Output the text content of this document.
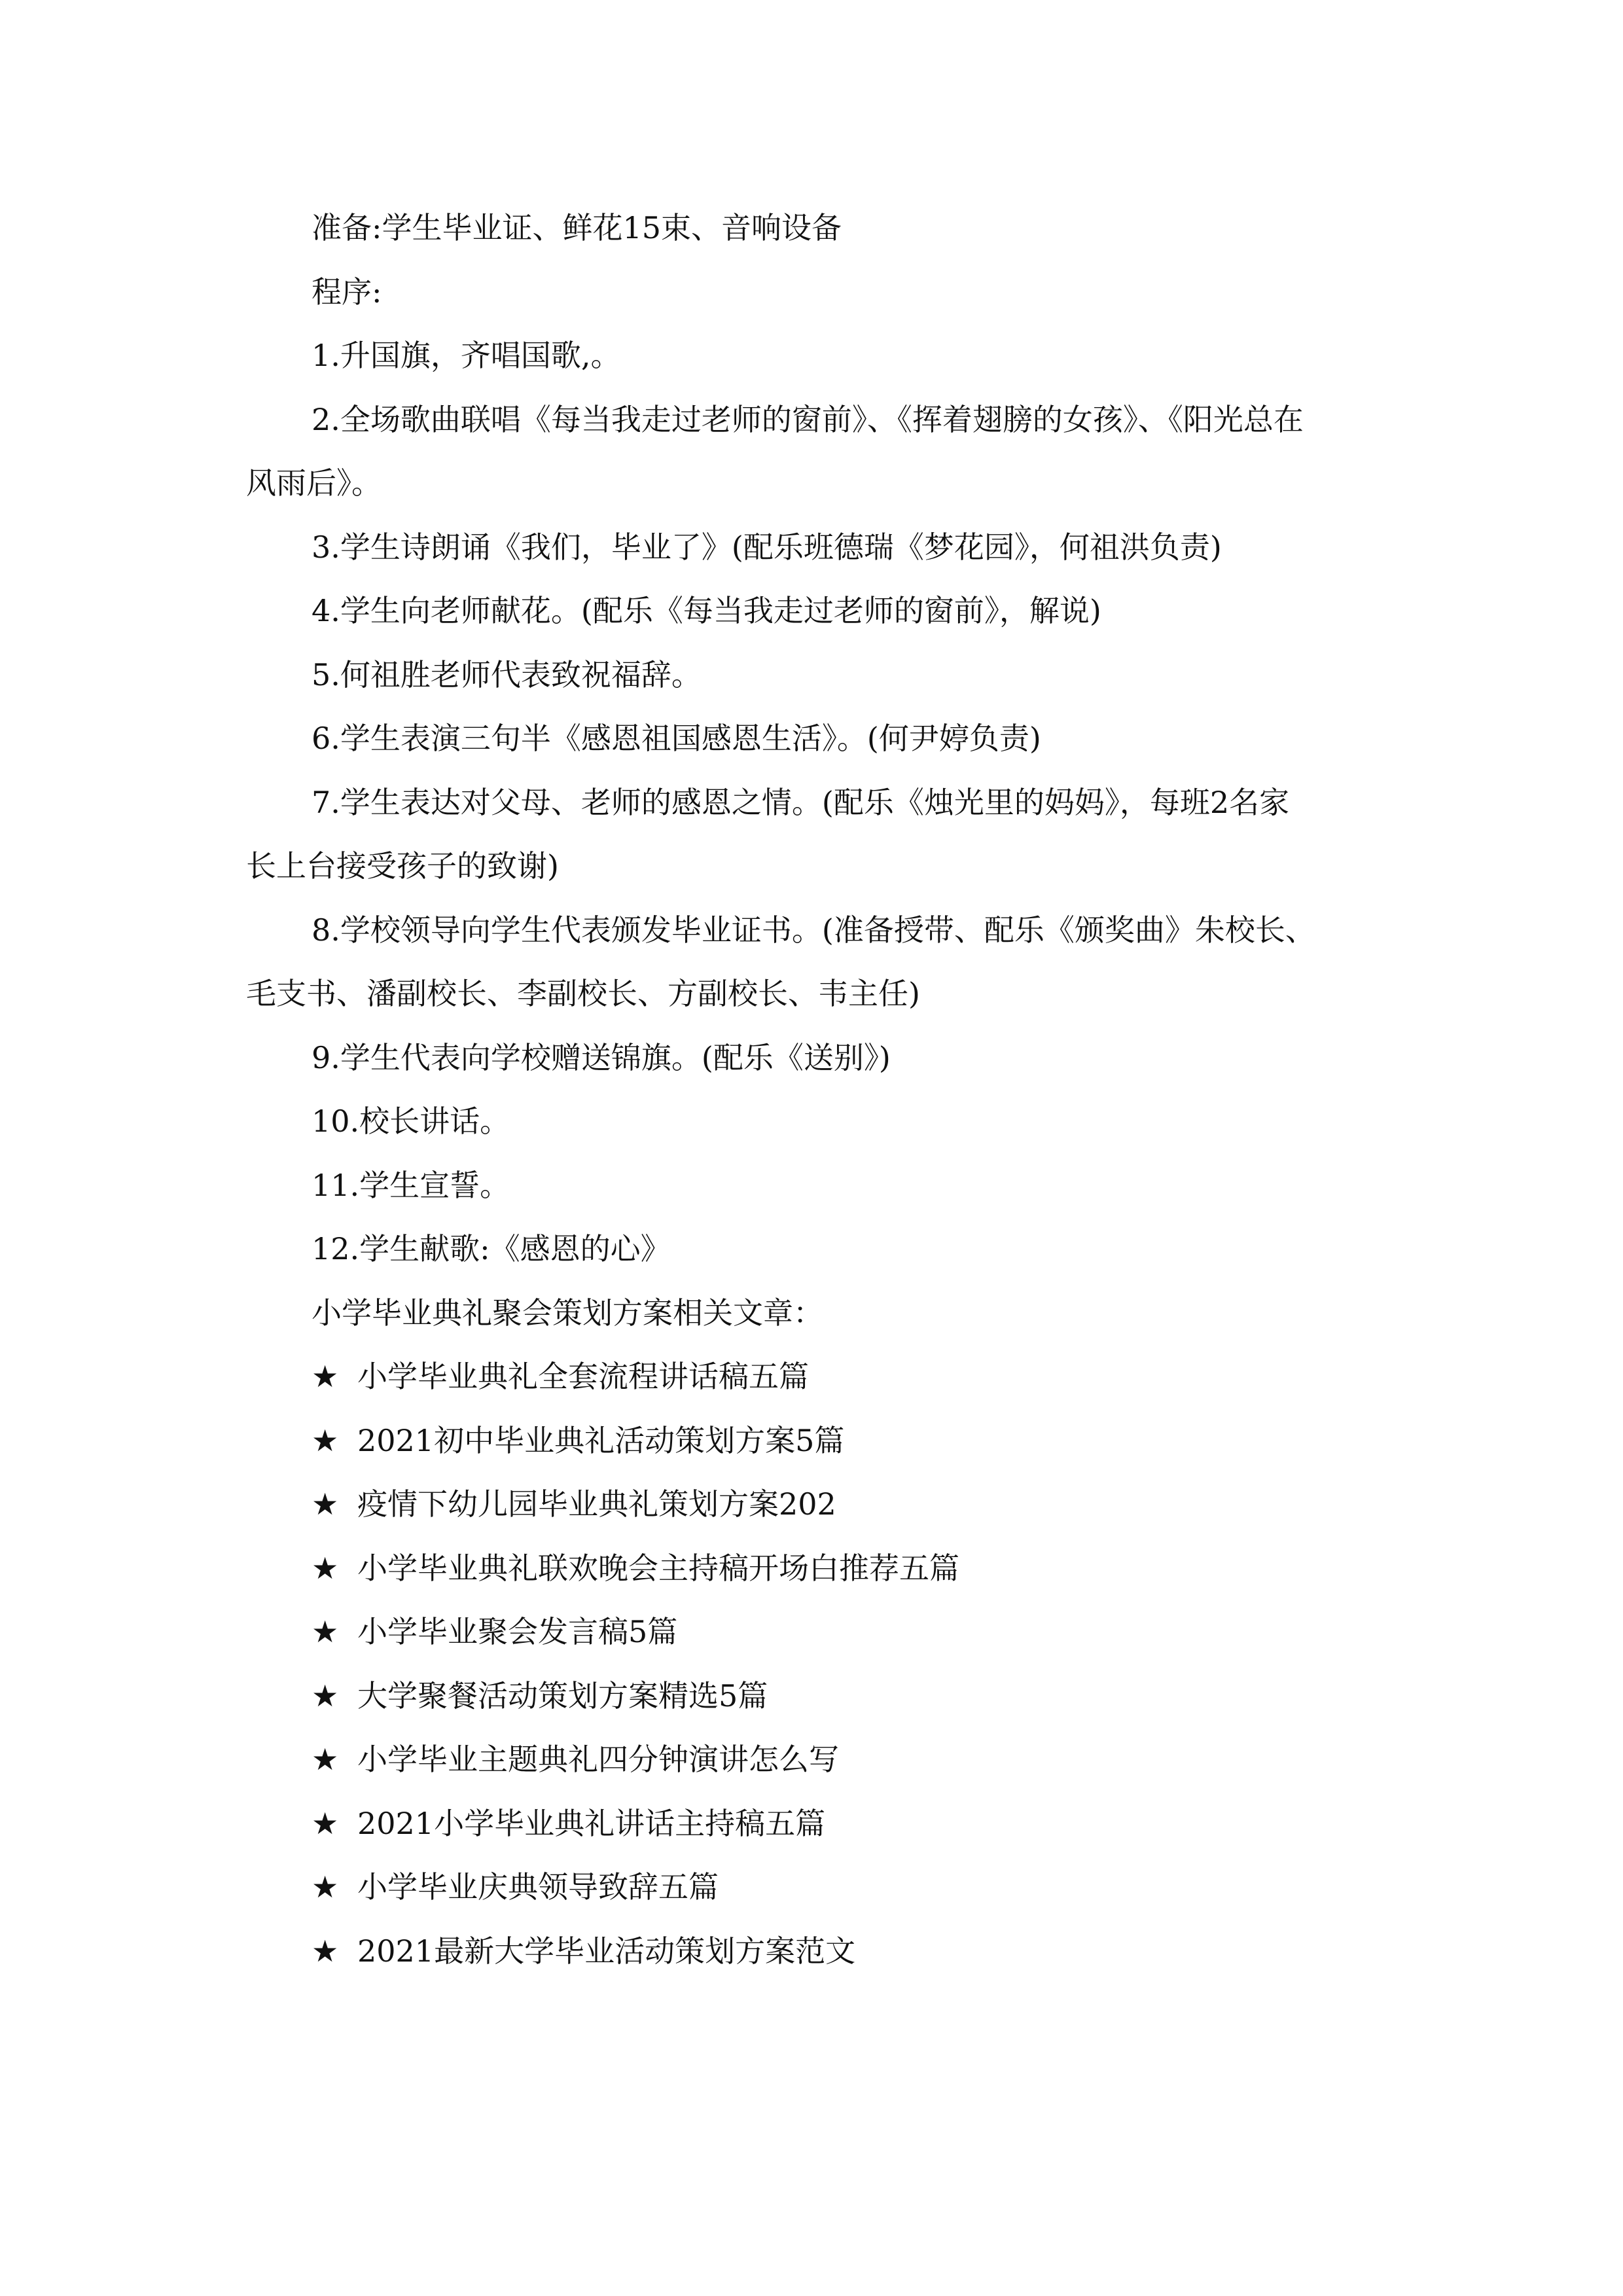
准备:学生毕业证、鲜花15束、音响设备

程序:

1.升国旗，齐唱国歌,。

2.全场歌曲联唱《每当我走过老师的窗前》、《挥着翅膀的女孩》、《阳光总在

风雨后》。

3.学生诗朗诵《我们，毕业了》(配乐班德瑞《梦花园》，何祖洪负责)

4.学生向老师献花。(配乐《每当我走过老师的窗前》，解说)

5.何祖胜老师代表致祝福辞。

6.学生表演三句半《感恩祖国感恩生活》。(何尹婷负责)

7.学生表达对父母、老师的感恩之情。(配乐《烛光里的妈妈》，每班2名家

长上台接受孩子的致谢)

8.学校领导向学生代表颁发毕业证书。(准备授带、配乐《颁奖曲》朱校长、

毛支书、潘副校长、李副校长、方副校长、韦主任)

9.学生代表向学校赠送锦旗。(配乐《送别》)

10.校长讲话。

11.学生宣誓。

12.学生献歌:《感恩的心》

小学毕业典礼聚会策划方案相关文章：

★ 小学毕业典礼全套流程讲话稿五篇

★ 2021初中毕业典礼活动策划方案5篇

★ 疫情下幼儿园毕业典礼策划方案202

★ 小学毕业典礼联欢晚会主持稿开场白推荐五篇

★ 小学毕业聚会发言稿5篇

★ 大学聚餐活动策划方案精选5篇

★ 小学毕业主题典礼四分钟演讲怎么写

★ 2021小学毕业典礼讲话主持稿五篇

★ 小学毕业庆典领导致辞五篇

★ 2021最新大学毕业活动策划方案范文
